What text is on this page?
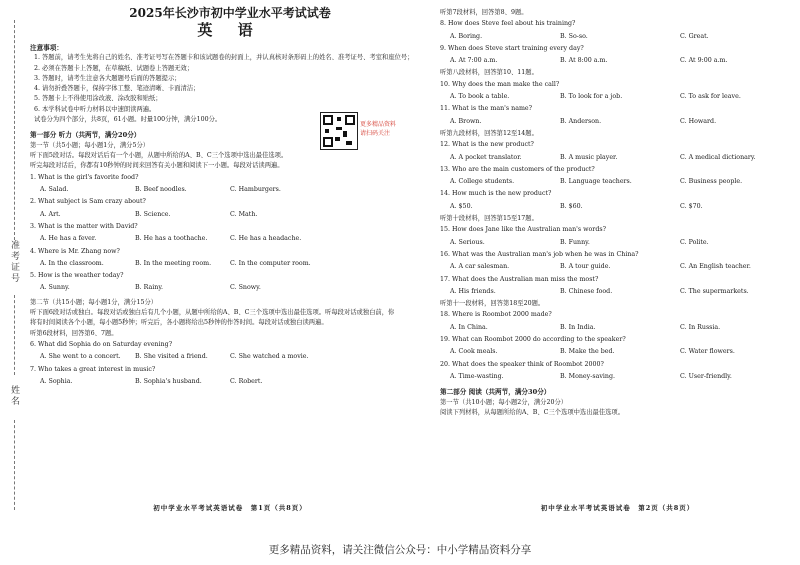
准考证号
姓名
2025年长沙市初中学业水平考试试卷
英 语
注意事项：
1. 答题前，请考生先将自己的姓名、准考证号写在答题卡和该试题卷的封面上，并认真核对条形码上的姓名、准考证号、考室和座位号；
2. 必须在答题卡上答题，在草稿纸、试题卷上答题无效；
3. 答题时，请考生注意各大题题号后面的答题提示；
4. 请勿折叠答题卡，保持字体工整、笔迹清晰、卡面清洁；
5. 答题卡上不得使用涂改液、涂改胶和贴纸；
6. 本学科试卷中听力材料以中速朗读两遍。
试卷分为四个部分，共8页，61小题。时量100分钟，满分100分。
第一部分 听力（共两节，满分20分）
第一节（共5小题；每小题1分，满分5分）
听下面5段对话。每段对话后有一个小题，从题中所给的A、B、C三个选项中选出最佳选项。
听完每段对话后，你都有10秒钟的时间来回答有关小题和阅读下一小题。每段对话读两遍。
1. What is the girl's favorite food?
A. Salad.	B. Beef noodles.	C. Hamburgers.
2. What subject is Sam crazy about?
A. Art.	B. Science.	C. Math.
3. What is the matter with David?
A. He has a fever.	B. He has a toothache.	C. He has a headache.
4. Where is Mr. Zhang now?
A. In the classroom.	B. In the meeting room.	C. In the computer room.
5. How is the weather today?
A. Sunny.	B. Rainy.	C. Snowy.
第二节（共15小题；每小题1分，满分15分）
听下面6段对话或独白。每段对话或独白后有几个小题，从题中所给的A、B、C三个选项中选出最佳选项。听每段对话或独白前，你将有时间阅读各个小题，每小题5秒钟；听完后，各小题将给出5秒钟的作答时间。每段对话或独白读两遍。
听第6段材料，回答第6、7题。
6. What did Sophia do on Saturday evening?
A. She went to a concert.	B. She visited a friend.	C. She watched a movie.
7. Who takes a great interest in music?
A. Sophia.	B. Sophia's husband.	C. Robert.
更多精品资料
请扫码关注
初中学业水平考试英语试卷　第1页（共8页）
听第7段材料，回答第8、9题。
8. How does Steve feel about his training?
A. Boring.	B. So-so.	C. Great.
9. When does Steve start training every day?
A. At 7:00 a.m.	B. At 8:00 a.m.	C. At 9:00 a.m.
听第八段材料，回答第10、11题。
10. Why does the man make the call?
A. To book a table.	B. To look for a job.	C. To ask for leave.
11. What is the man's name?
A. Brown.	B. Anderson.	C. Howard.
听第九段材料，回答第12至14题。
12. What is the new product?
A. A pocket translator.	B. A music player.	C. A medical dictionary.
13. Who are the main customers of the product?
A. College students.	B. Language teachers.	C. Business people.
14. How much is the new product?
A. $50.	B. $60.	C. $70.
听第十段材料，回答第15至17题。
15. How does Jane like the Australian man's words?
A. Serious.	B. Funny.	C. Polite.
16. What was the Australian man's job when he was in China?
A. A car salesman.	B. A tour guide.	C. An English teacher.
17. What does the Australian man miss the most?
A. His friends.	B. Chinese food.	C. The supermarkets.
听第十一段材料，回答第18至20题。
18. Where is Roombot 2000 made?
A. In China.	B. In India.	C. In Russia.
19. What can Roombot 2000 do according to the speaker?
A. Cook meals.	B. Make the bed.	C. Water flowers.
20. What does the speaker think of Roombot 2000?
A. Time-wasting.	B. Money-saving.	C. User-friendly.
第二部分 阅读（共两节，满分30分）
第一节（共10小题；每小题2分，满分20分）
阅读下列材料，从每题所给的A、B、C三个选项中选出最佳选项。
初中学业水平考试英语试卷　第2页（共8页）
更多精品资料，请关注微信公众号：中小学精品资料分享
